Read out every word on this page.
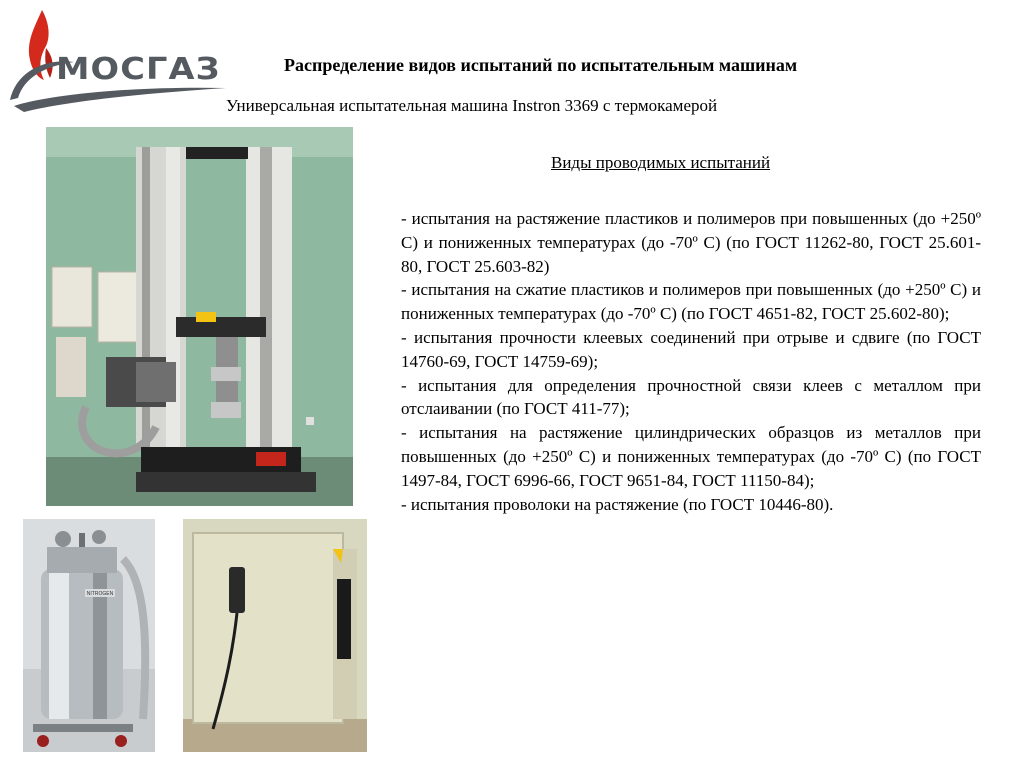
МОСГАЗ	Распределение видов испытаний по испытательным машинам
Универсальная испытательная машина Instron 3369 с термокамерой
NITROGEN
Виды проводимых испытаний
- испытания на растяжение пластиков и полимеров при повышенных (до +250º С) и пониженных температурах (до -70º С) (по ГОСТ 11262-80, ГОСТ 25.601-80, ГОСТ 25.603-82)
- испытания на сжатие пластиков и полимеров при повышенных (до +250º С) и пониженных температурах (до -70º С) (по ГОСТ 4651-82, ГОСТ 25.602-80);
- испытания прочности клеевых соединений при отрыве и сдвиге (по ГОСТ 14760-69, ГОСТ 14759-69);
- испытания для определения прочностной связи клеев с металлом при отслаивании (по ГОСТ 411-77);
- испытания на растяжение цилиндрических образцов из металлов при повышенных (до +250º С) и пониженных температурах (до -70º С) (по ГОСТ 1497-84, ГОСТ 6996-66, ГОСТ 9651-84, ГОСТ 11150-84);
- испытания проволоки на растяжение (по ГОСТ 10446-80).
